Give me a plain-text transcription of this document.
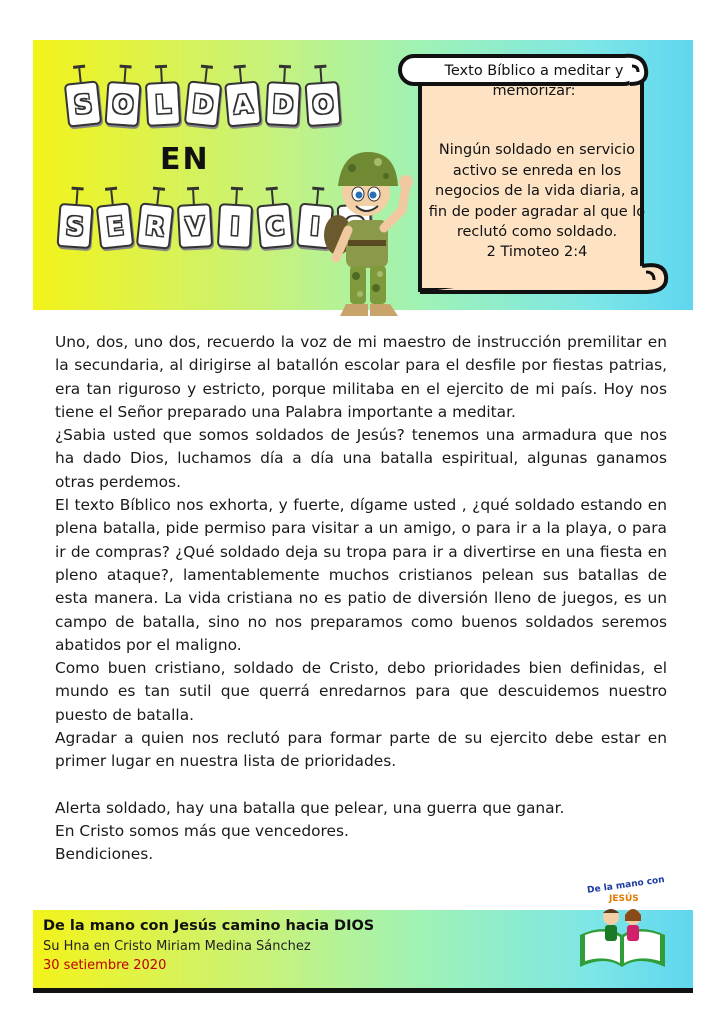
S O L D A D O
EN
S E R V I C I
Texto Bíblico a meditar y memorizar:
Ningún soldado en servicio activo se enreda en los negocios de la vida diaria, a fin de poder agradar al que lo reclutó como soldado.
2 Timoteo 2:4

Uno, dos, uno dos, recuerdo la voz de mi maestro de instrucción premilitar en la secundaria, al dirigirse al batallón escolar para el desfile por fiestas patrias, era tan riguroso y estricto, porque militaba en el ejercito de mi país. Hoy nos tiene el Señor preparado una Palabra importante a meditar.

¿Sabia usted que somos soldados de Jesús? tenemos una armadura que nos ha dado Dios, luchamos día a día una batalla espiritual, algunas ganamos otras perdemos.

El texto Bíblico nos exhorta, y fuerte, dígame usted , ¿qué soldado estando en plena batalla, pide permiso para visitar a un amigo, o para ir a la playa, o para ir de compras? ¿Qué soldado deja su tropa para ir a divertirse en una fiesta en pleno ataque?, lamentablemente muchos cristianos pelean sus batallas de esta manera. La vida cristiana no es patio de diversión lleno de juegos, es un campo de batalla, sino no nos preparamos como buenos soldados seremos abatidos por el maligno.

Como buen cristiano, soldado de Cristo, debo prioridades bien definidas, el mundo es tan sutil que querrá enredarnos para que descuidemos nuestro puesto de batalla.

Agradar a quien nos reclutó para formar parte de su ejercito debe estar en primer lugar en nuestra lista de prioridades.

Alerta soldado, hay una batalla que pelear, una guerra que ganar.

En Cristo somos más que vencedores.

Bendiciones.

De la mano con Jesús camino hacia DIOS
Su Hna en Cristo Miriam Medina Sánchez
30 setiembre 2020
De la mano con
JESÚS
